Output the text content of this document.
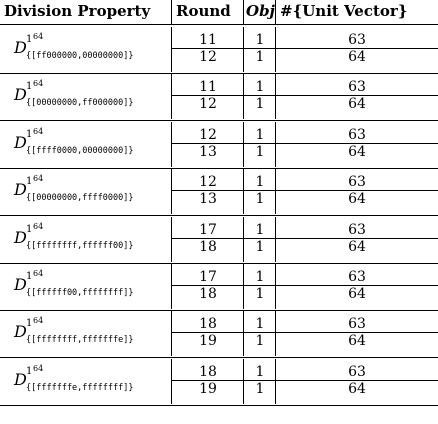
Division Property Round Obj #{Unit Vector}
D 1 64
{[ff000000,00000000]}
11	1	63
12	1	64
D 1 64
{[00000000,ff000000]}
11	1	63
12	1	64
D 1 64
{[ffff0000,00000000]}
12	1	63
13	1	64
D 1 64
{[00000000,ffff0000]}
12	1	63
13	1	64
D 1 64
{[ffffffff,ffffff00]}
17	1	63
18	1	64
D 1 64
{[ffffff00,ffffffff]}
17	1	63
18	1	64
D 1 64
{[ffffffff,fffffffe]}
18	1	63
19	1	64
D 1 64
{[fffffffe,ffffffff]}
18	1	63
19	1	64
